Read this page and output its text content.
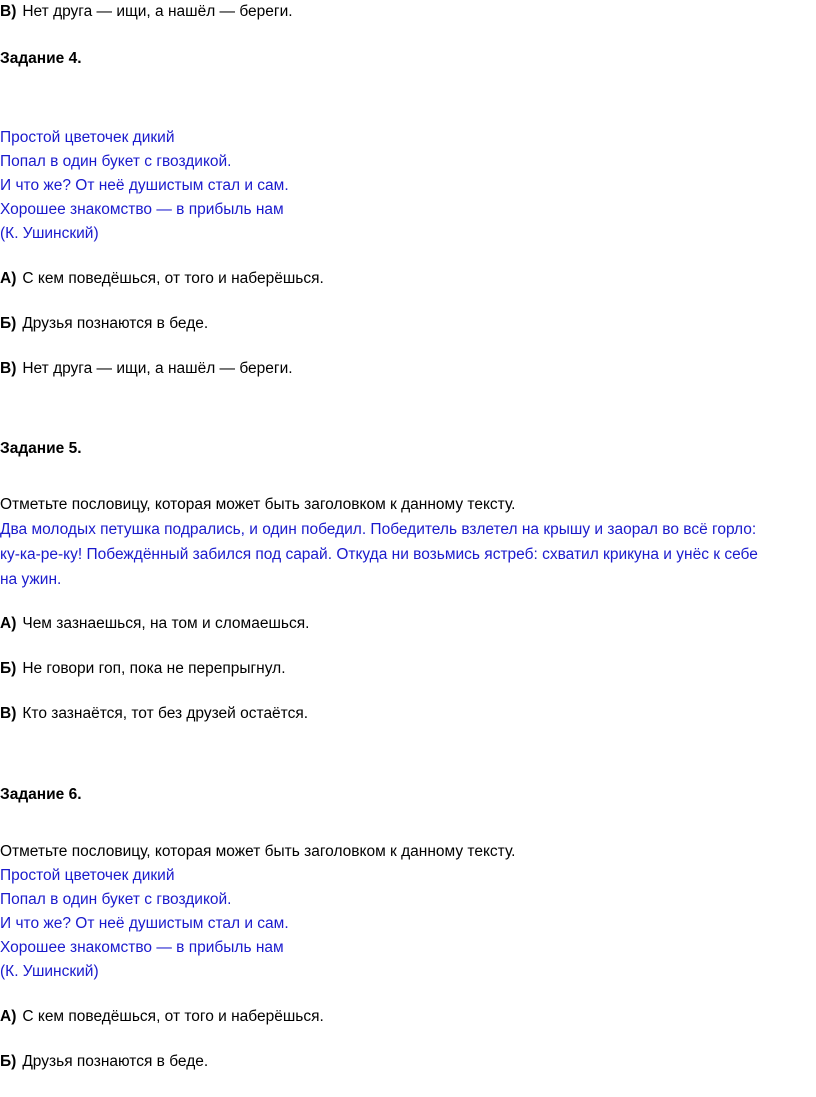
В) Нет друга — ищи, а нашёл — береги.
Задание 4.
Простой цветочек дикий
Попал в один букет с гвоздикой.
И что же? От неё душистым стал и сам.
Хорошее знакомство — в прибыль нам
(К. Ушинский)
А) С кем поведёшься, от того и наберёшься.
Б) Друзья познаются в беде.
В) Нет друга — ищи, а нашёл — береги.
Задание 5.
Отметьте пословицу, которая может быть заголовком к данному тексту.
Два молодых петушка подрались, и один победил. Победитель взлетел на крышу и заорал во всё горло:
ку-ка-ре-ку! Побеждённый забился под сарай. Откуда ни возьмись ястреб: схватил крикуна и унёс к себе
на ужин.
А) Чем зазнаешься, на том и сломаешься.
Б) Не говори гоп, пока не перепрыгнул.
В) Кто зазнаётся, тот без друзей остаётся.
Задание 6.
Отметьте пословицу, которая может быть заголовком к данному тексту.
Простой цветочек дикий
Попал в один букет с гвоздикой.
И что же? От неё душистым стал и сам.
Хорошее знакомство — в прибыль нам
(К. Ушинский)
А) С кем поведёшься, от того и наберёшься.
Б) Друзья познаются в беде.
